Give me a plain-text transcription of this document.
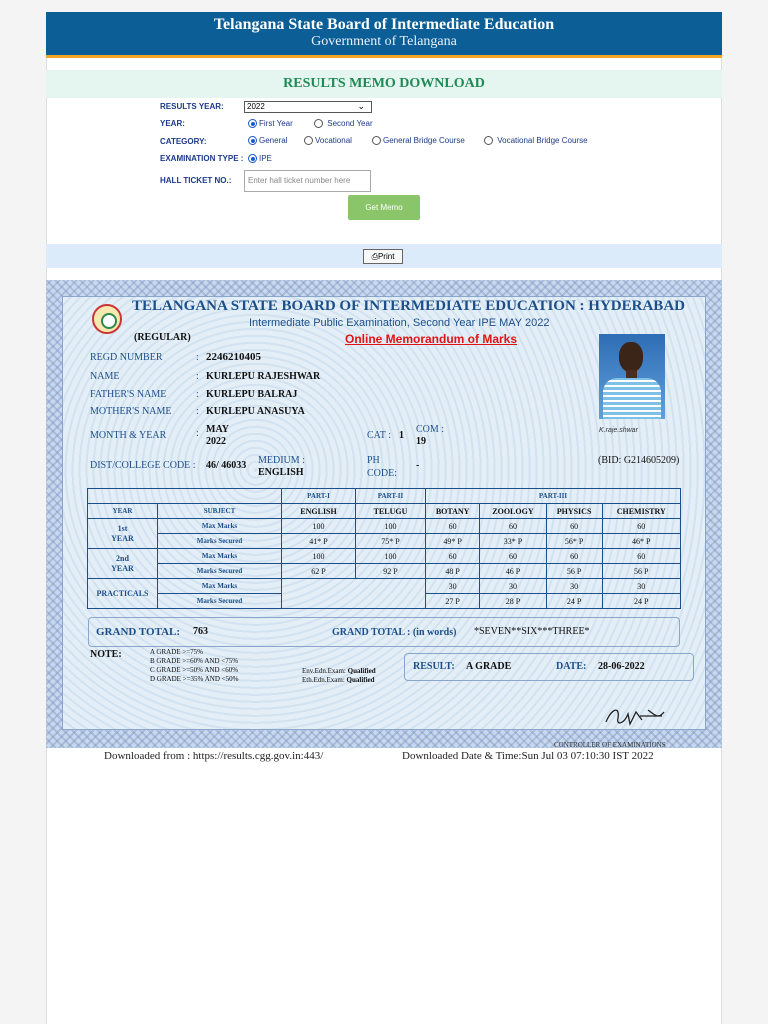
Telangana State Board of Intermediate Education
Government of Telangana
RESULTS MEMO DOWNLOAD
RESULTS YEAR:	2022	⌄
YEAR:	First Year	Second Year
CATEGORY:	General	Vocational	General Bridge Course	Vocational Bridge Course
EXAMINATION TYPE :	IPE
HALL TICKET NO.:	Enter hall ticket number here
Get Memo
⎙Print
TELANGANA STATE BOARD OF INTERMEDIATE EDUCATION : HYDERABAD
Intermediate Public Examination, Second Year IPE MAY 2022
(REGULAR)	Online Memorandum of Marks
REGD NUMBER	: 2246210405
NAME	: KURLEPU RAJESHWAR
FATHER'S NAME	: KURLEPU BALRAJ
MOTHER'S NAME : KURLEPU ANASUYA
MONTH & YEAR	: MAY
2022
CAT : 1
COM :
19
DIST/COLLEGE CODE : 46/ 46033 MEDIUM :
ENGLISH
PH
CODE:
-	(BID: G214605209)
K.raje.shwar
		PART-I	PART-II	PART-III			
YEAR	SUBJECT	ENGLISH	TELUGU	BOTANY	ZOOLOGY	PHYSICS	CHEMISTRY
1st
YEAR	Max Marks	100	100	60	60	60	60
	Marks Secured	41* P	75* P	49* P	33* P	56* P	46* P
2nd
YEAR	Max Marks	100	100	60	60	60	60
	Marks Secured	62 P	92 P	48 P	46 P	56 P	56 P
PRACTICALS	Max Marks			30	30	30	30
	Marks Secured			27 P	28 P	24 P	24 P
GRAND TOTAL: 763	GRAND TOTAL : (in words) *SEVEN**SIX***THREE*
NOTE:	A GRADE >=75%
B GRADE >=60% AND <75%
C GRADE >=50% AND <60%
D GRADE >=35% AND <50%
Env.Edn.Exam: Qualified
Eth.Edn.Exam: Qualified
RESULT: A GRADE	DATE: 28-06-2022
CONTROLLER OF EXAMINATIONS
Downloaded from : https://results.cgg.gov.in:443/	Downloaded Date & Time:Sun Jul 03 07:10:30 IST 2022
